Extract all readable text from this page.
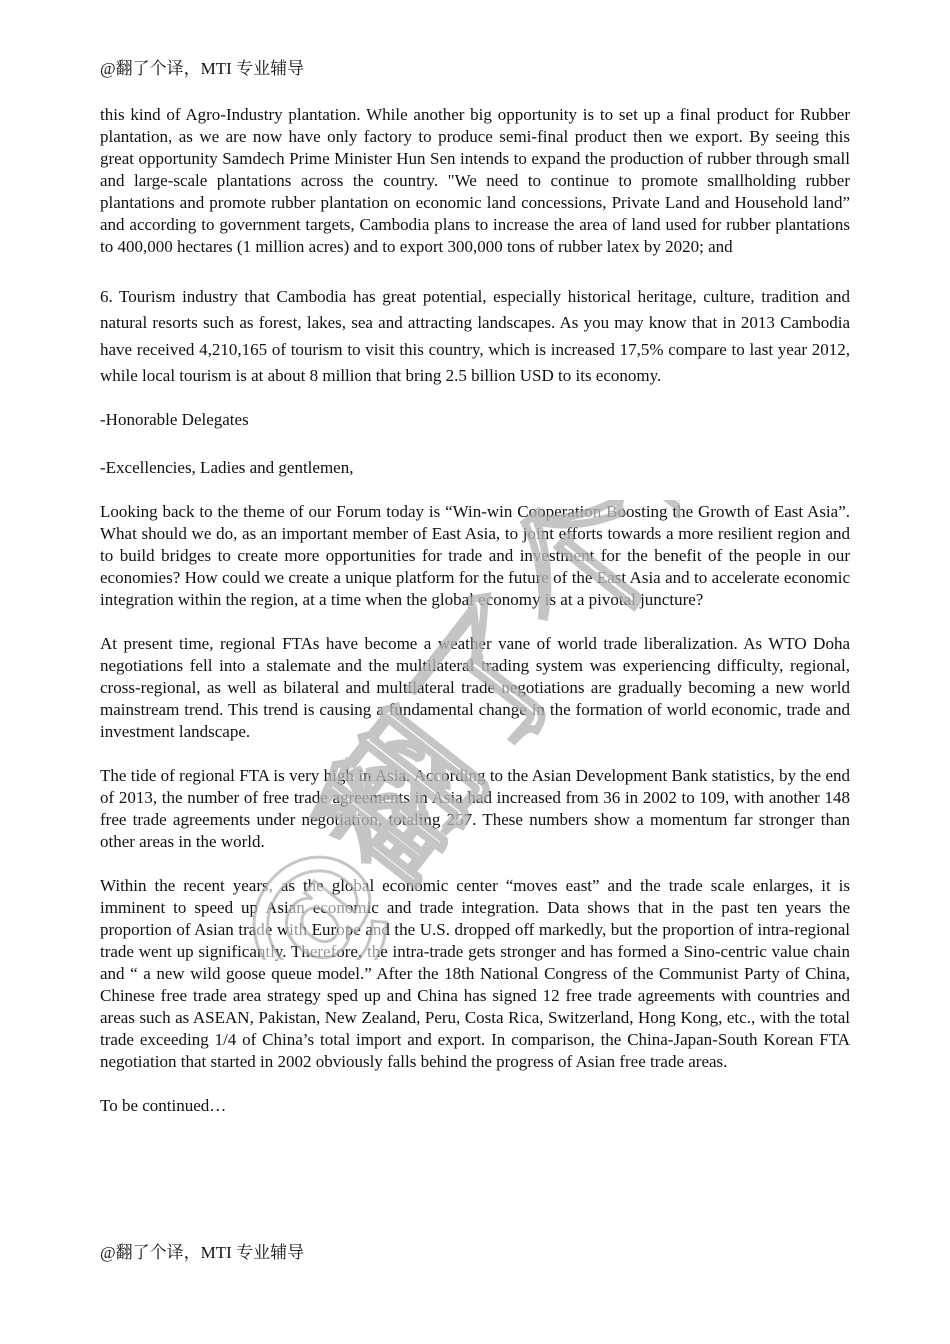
@翻了个译，MTI 专业辅导

this kind of Agro-Industry plantation. While another big opportunity is to set up a final product for Rubber plantation, as we are now have only factory to produce semi-final product then we export. By seeing this great opportunity Samdech Prime Minister Hun Sen intends to expand the production of rubber through small and large-scale plantations across the country. "We need to continue to promote smallholding rubber plantations and promote rubber plantation on economic land concessions, Private Land and Household land” and according to government targets, Cambodia plans to increase the area of land used for rubber plantations to 400,000 hectares (1 million acres) and to export 300,000 tons of rubber latex by 2020; and

6. Tourism industry that Cambodia has great potential, especially historical heritage, culture, tradition and natural resorts such as forest, lakes, sea and attracting landscapes. As you may know that in 2013 Cambodia have received 4,210,165 of tourism to visit this country, which is increased 17,5% compare to last year 2012, while local tourism is at about 8 million that bring 2.5 billion USD to its economy.

-Honorable Delegates

-Excellencies, Ladies and gentlemen,

Looking back to the theme of our Forum today is “Win-win Cooperation Boosting the Growth of East Asia”. What should we do, as an important member of East Asia, to joint efforts towards a more resilient region and to build bridges to create more opportunities for trade and investment for the benefit of the people in our economies? How could we create a unique platform for the future of the East Asia and to accelerate economic integration within the region, at a time when the global economy is at a pivotal juncture?

At present time, regional FTAs have become a weather vane of world trade liberalization. As WTO Doha negotiations fell into a stalemate and the multilateral trading system was experiencing difficulty, regional, cross-regional, as well as bilateral and multilateral trade negotiations are gradually becoming a new world mainstream trend. This trend is causing a fundamental change in the formation of world economic, trade and investment landscape.

The tide of regional FTA is very high in Asia. According to the Asian Development Bank statistics, by the end of 2013, the number of free trade agreements in Asia had increased from 36 in 2002 to 109, with another 148 free trade agreements under negotiation, totaling 257. These numbers show a momentum far stronger than other areas in the world.

Within the recent years, as the global economic center “moves east” and the trade scale enlarges, it is imminent to speed up Asian economic and trade integration. Data shows that in the past ten years the proportion of Asian trade with Europe and the U.S. dropped off markedly, but the proportion of intra-regional trade went up significantly. Therefore, the intra-trade gets stronger and has formed a Sino-centric value chain and “ a new wild goose queue model.” After the 18th National Congress of the Communist Party of China, Chinese free trade area strategy sped up and China has signed 12 free trade agreements with countries and areas such as ASEAN, Pakistan, New Zealand, Peru, Costa Rica, Switzerland, Hong Kong, etc., with the total trade exceeding 1/4 of China’s total import and export. In comparison, the China-Japan-South Korean FTA negotiation that started in 2002 obviously falls behind the progress of Asian free trade areas.

To be continued…

@翻了个译，MTI 专业辅导
@翻了个译
